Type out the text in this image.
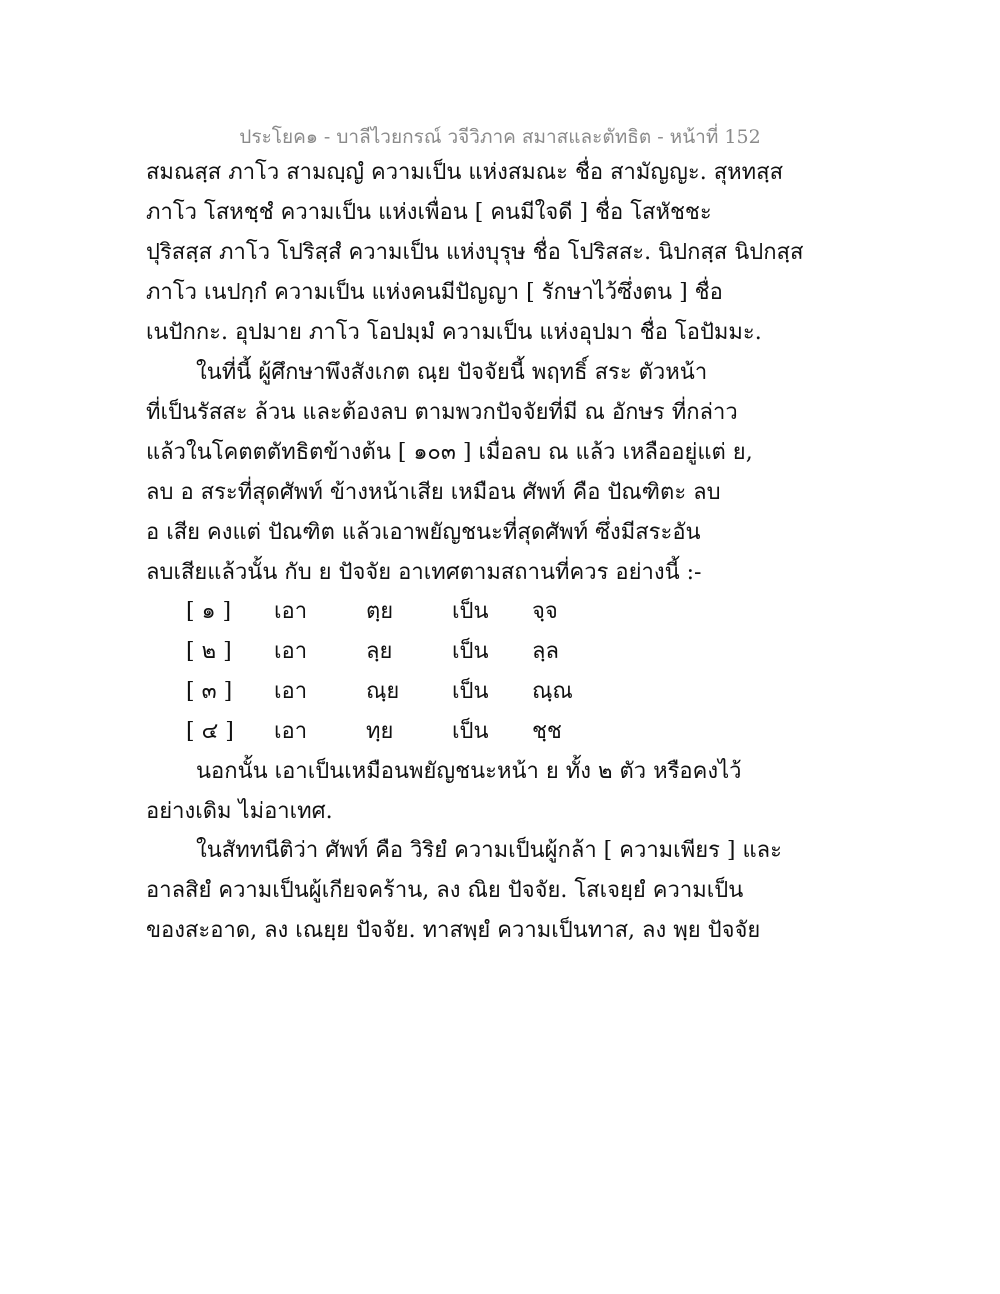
ประโยค๑ - บาลีไวยกรณ์ วจีวิภาค สมาสและตัทธิต - หน้าที่ 152
สมณสฺส ภาโว สามญฺญํ ความเป็น แห่งสมณะ ชื่อ สามัญญะ. สุหทสฺส
ภาโว โสหชฺชํ ความเป็น แห่งเพื่อน [ คนมีใจดี ] ชื่อ โสหัชชะ
ปุริสสฺส ภาโว โปริสฺสํ ความเป็น แห่งบุรุษ ชื่อ โปริสสะ. นิปกสฺส นิปกสฺส
ภาโว เนปกฺกํ ความเป็น แห่งคนมีปัญญา [ รักษาไว้ซึ่งตน ] ชื่อ
เนปักกะ. อุปมาย ภาโว โอปมฺมํ ความเป็น แห่งอุปมา ชื่อ โอปัมมะ.
ในที่นี้ ผู้ศึกษาพึงสังเกต ณฺย ปัจจัยนี้ พฤทธิ์ สระ ตัวหน้า
ที่เป็นรัสสะ ล้วน และต้องลบ ตามพวกปัจจัยที่มี ณ อักษร ที่กล่าว
แล้วในโคตตตัทธิตข้างต้น [ ๑๐๓ ] เมื่อลบ ณ แล้ว เหลืออยู่แต่ ย,
ลบ อ สระที่สุดศัพท์ ข้างหน้าเสีย เหมือน ศัพท์ คือ ปัณฑิตะ ลบ
อ เสีย คงแต่ ปัณฑิต แล้วเอาพยัญชนะที่สุดศัพท์ ซึ่งมีสระอัน
ลบเสียแล้วนั้น กับ ย ปัจจัย อาเทศตามสถานที่ควร อย่างนี้ :-
[ ๑ ] เอา	ตฺย	เป็น จฺจ
[ ๒ ] เอา	ลฺย	เป็น ลฺล
[ ๓ ] เอา	ณฺย เป็น ณฺณ
[ ๔ ] เอา	ทฺย	เป็น ชฺช
นอกนั้น เอาเป็นเหมือนพยัญชนะหน้า ย ทั้ง ๒ ตัว หรือคงไว้
อย่างเดิม ไม่อาเทศ.
ในสัททนีติว่า ศัพท์ คือ วิริยํ ความเป็นผู้กล้า [ ความเพียร ] และ
อาลสิยํ ความเป็นผู้เกียจคร้าน, ลง ณิย ปัจจัย. โสเจยฺยํ ความเป็น
ของสะอาด, ลง เณยฺย ปัจจัย. ทาสพฺยํ ความเป็นทาส, ลง พฺย ปัจจัย
